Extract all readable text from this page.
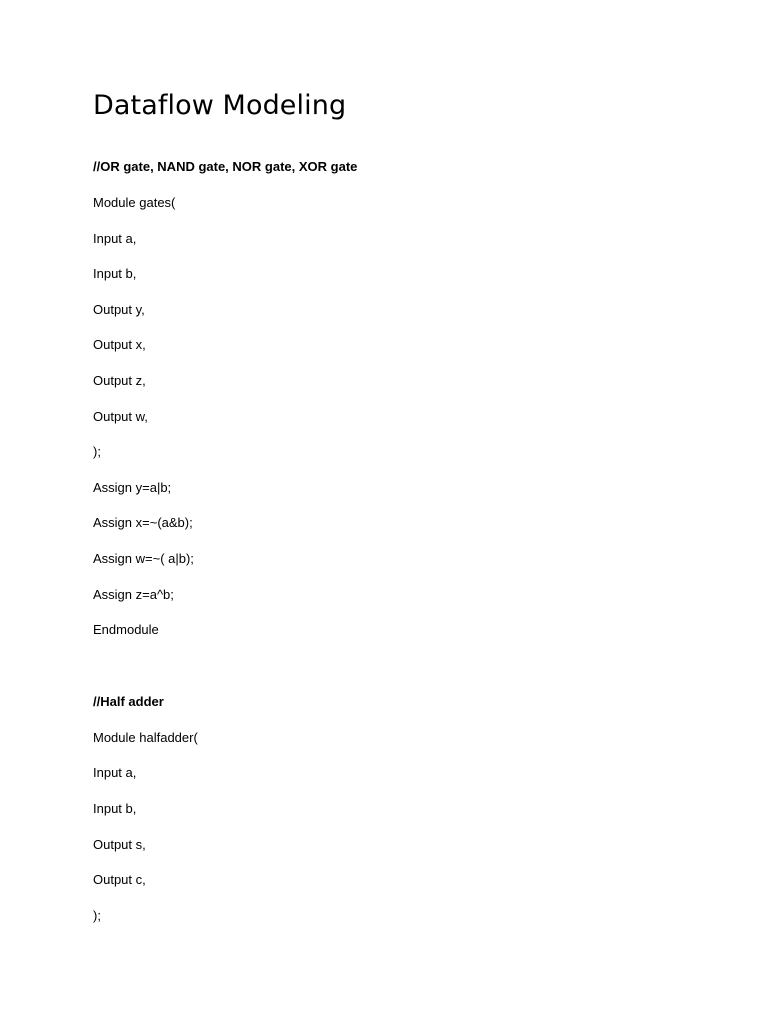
Dataflow Modeling

//OR gate, NAND gate, NOR gate, XOR gate

Module gates(

Input a,

Input b,

Output y,

Output x,

Output z,

Output w,

);

Assign y=a|b;

Assign x=~(a&b);

Assign w=~( a|b);

Assign z=a^b;

Endmodule

//Half adder

Module halfadder(

Input a,

Input b,

Output s,

Output c,

);
